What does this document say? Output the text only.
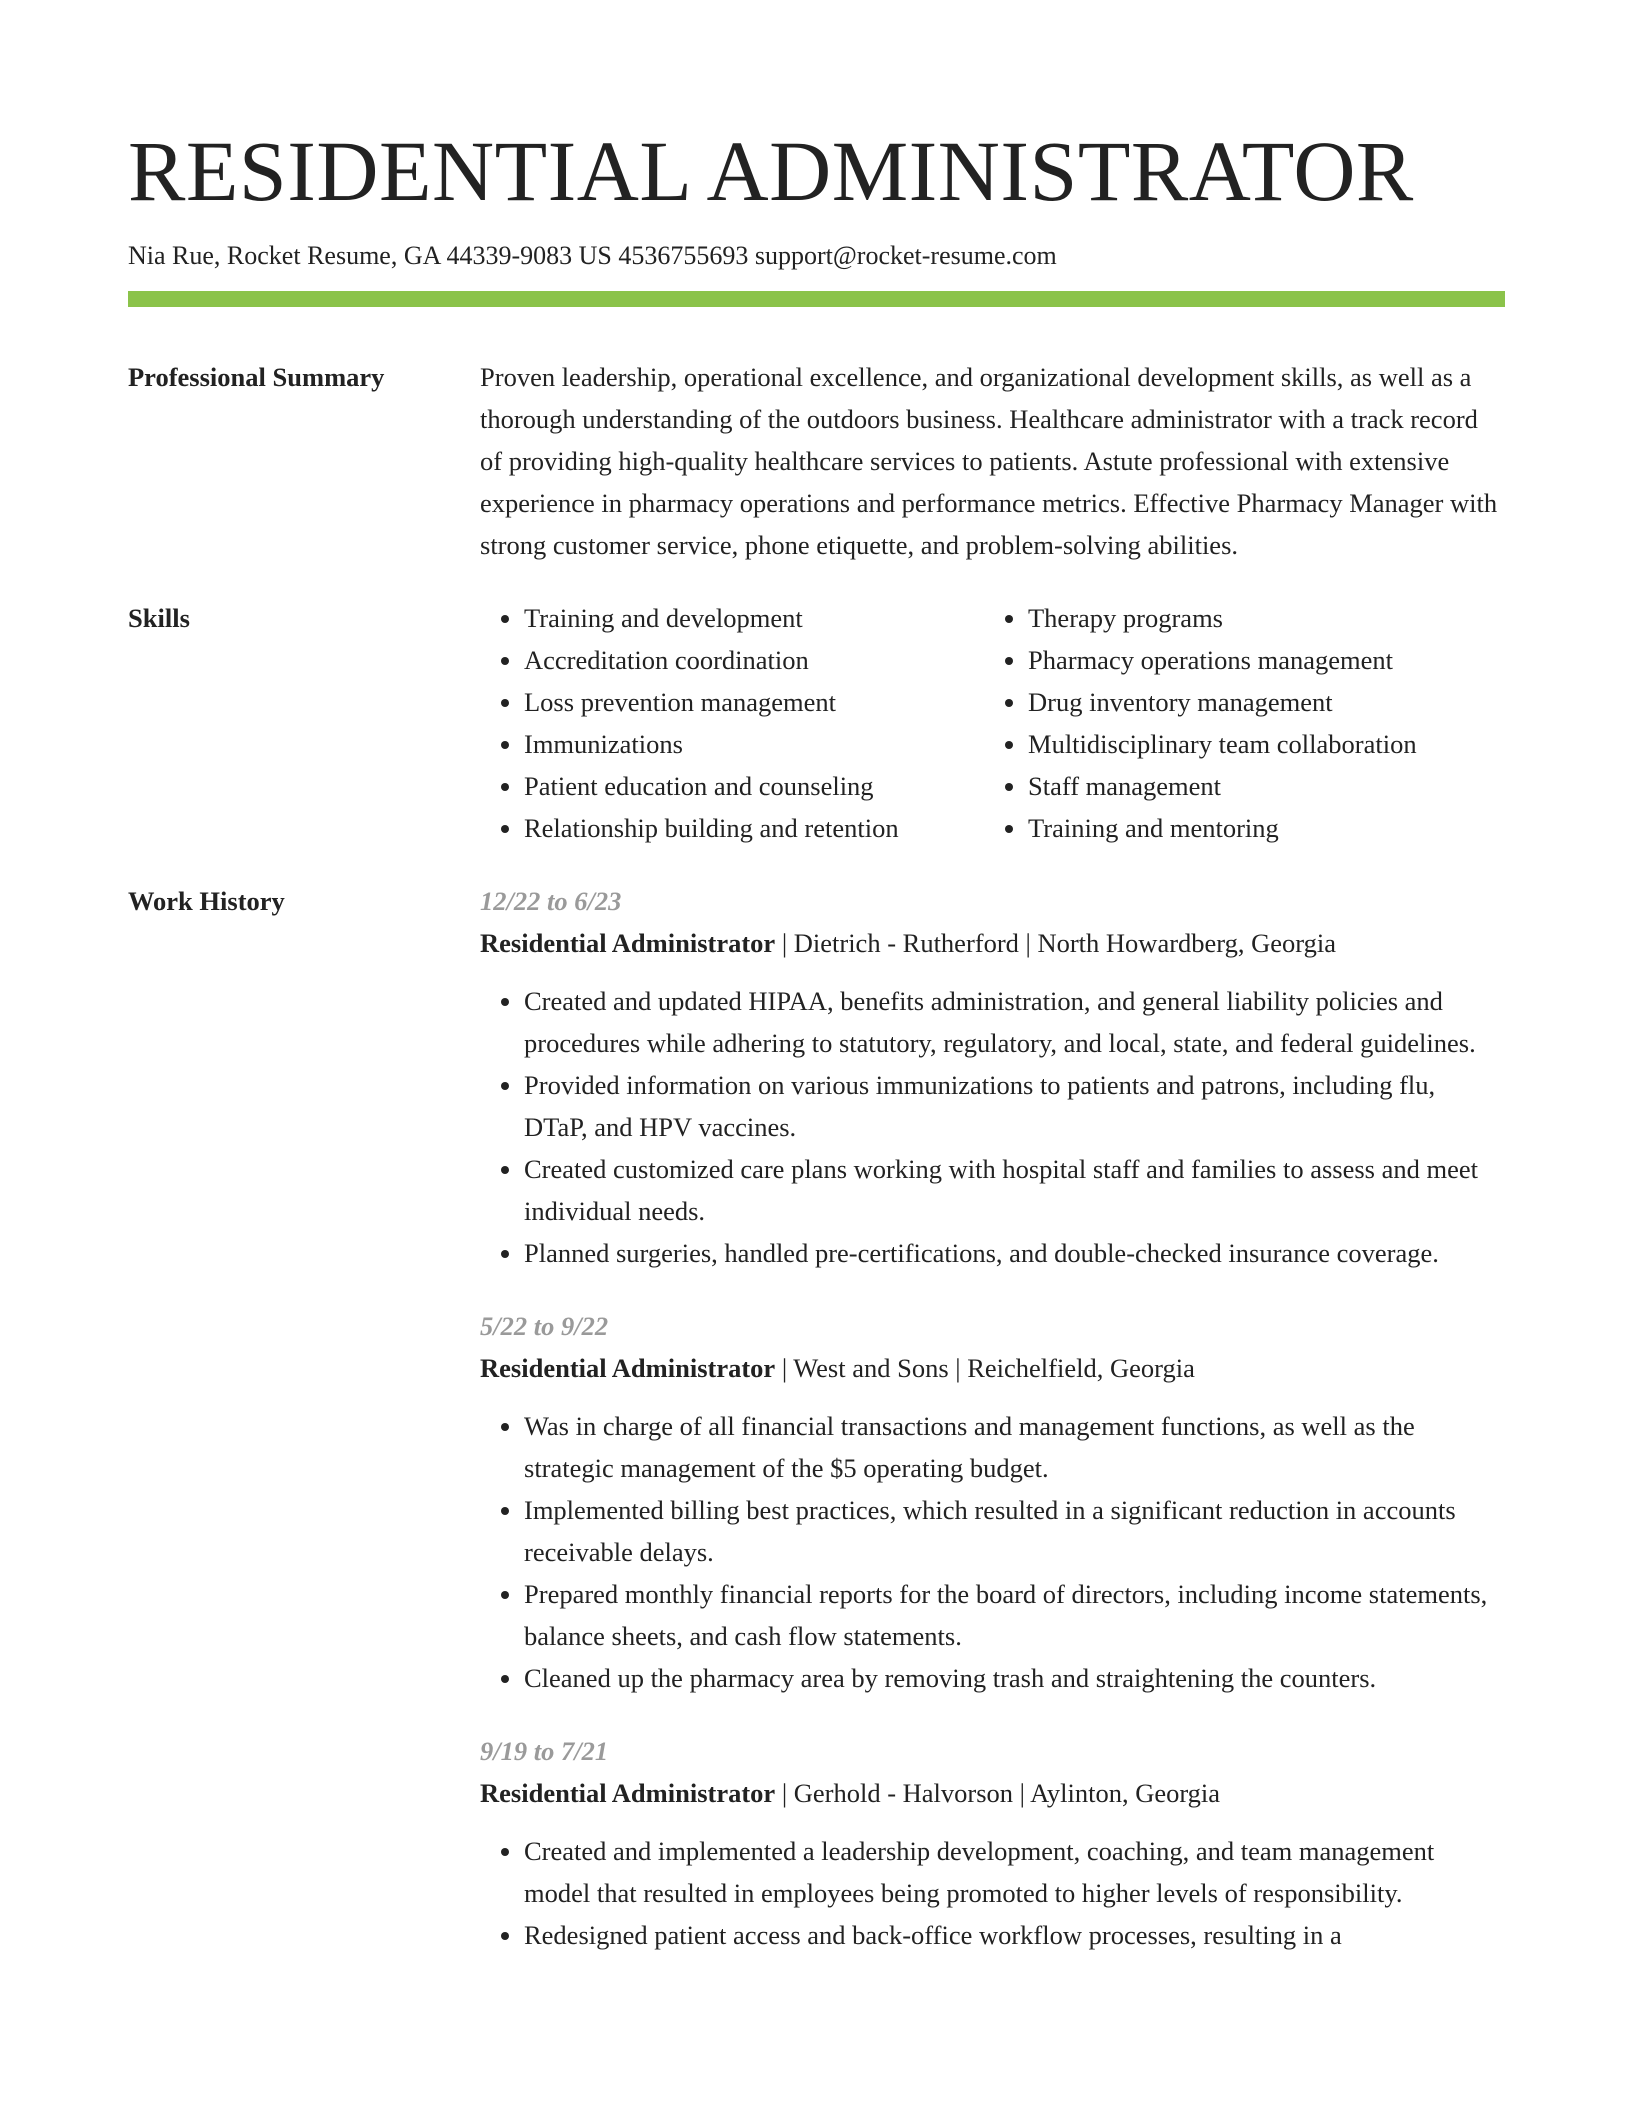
RESIDENTIAL ADMINISTRATOR
Nia Rue, Rocket Resume, GA 44339-9083 US 4536755693 support@rocket-resume.com
Professional Summary	Proven leadership, operational excellence, and organizational development skills, as well as a thorough understanding of the outdoors business. Healthcare administrator with a track record of providing high-quality healthcare services to patients. Astute professional with extensive experience in pharmacy operations and performance metrics. Effective Pharmacy Manager with strong customer service, phone etiquette, and problem-solving abilities.
Skills
•	Training and development
• Accreditation coordination
• Loss prevention management
• Immunizations
• Patient education and counseling
• Relationship building and retention
• Therapy programs
• Pharmacy operations management
• Drug inventory management
• Multidisciplinary team collaboration
• Staff management
• Training and mentoring
Work History	12/22 to 6/23
Residential Administrator | Dietrich - Rutherford | North Howardberg, Georgia
• Created and updated HIPAA, benefits administration, and general liability policies and procedures while adhering to statutory, regulatory, and local, state, and federal guidelines.
• Provided information on various immunizations to patients and patrons, including flu, DTaP, and HPV vaccines.
• Created customized care plans working with hospital staff and families to assess and meet individual needs.
• Planned surgeries, handled pre-certifications, and double-checked insurance coverage.
5/22 to 9/22
Residential Administrator | West and Sons | Reichelfield, Georgia
• Was in charge of all financial transactions and management functions, as well as the strategic management of the $5 operating budget.
• Implemented billing best practices, which resulted in a significant reduction in accounts receivable delays.
• Prepared monthly financial reports for the board of directors, including income statements, balance sheets, and cash flow statements.
• Cleaned up the pharmacy area by removing trash and straightening the counters.
9/19 to 7/21
Residential Administrator | Gerhold - Halvorson | Aylinton, Georgia
• Created and implemented a leadership development, coaching, and team management model that resulted in employees being promoted to higher levels of responsibility.
• Redesigned patient access and back-office workflow processes, resulting in a
